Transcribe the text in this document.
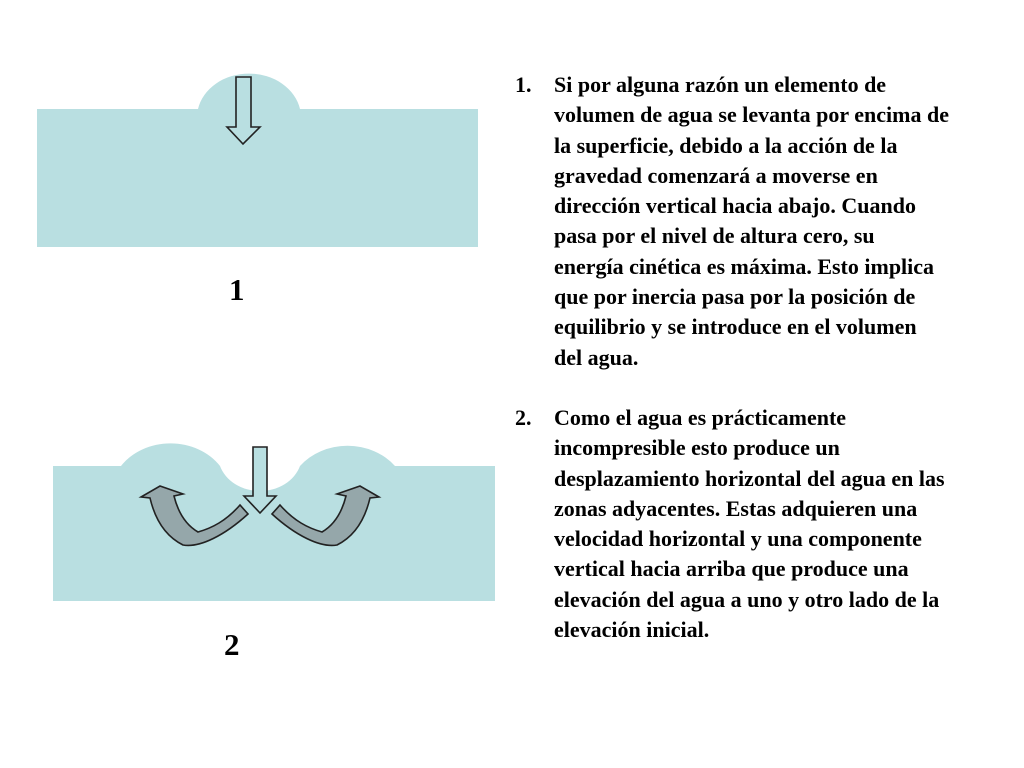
1
2
1. Si por alguna razón un elemento de volumen de agua se levanta por encima de la superficie, debido a la acción de la gravedad comenzará a moverse en dirección vertical hacia abajo. Cuando pasa por el nivel de altura cero, su energía cinética es máxima. Esto implica que por inercia pasa por la posición de equilibrio y se introduce en el volumen del agua.
2. Como el agua es prácticamente incompresible esto produce un desplazamiento horizontal del agua en las zonas adyacentes. Estas adquieren una velocidad horizontal y una componente vertical hacia arriba que produce una elevación del agua a uno y otro lado de la elevación inicial.
